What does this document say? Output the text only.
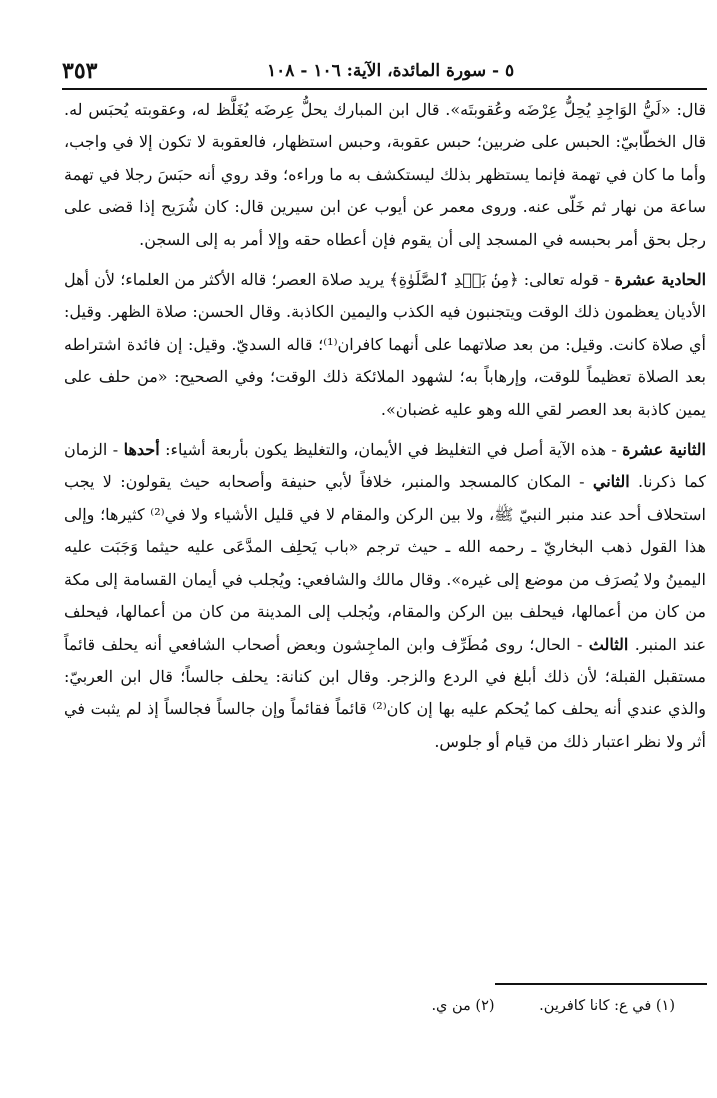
٣٥٣	٥ - سورة المائدة، الآية: ١٠٦ - ١٠٨

قال: «لَيُّ الوَاجِدِ يُحِلُّ عِرْضَه وعُقوبتَه». قال ابن المبارك يحلُّ عِرضَه يُغَلَّظ له، وعقوبته يُحبَس له. قال الخطّابيّ: الحبس على ضربين؛ حبس عقوبة، وحبس استظهار، فالعقوبة لا تكون إلا في واجب، وأما ما كان في تهمة فإنما يستظهر بذلك ليستكشف به ما وراءه؛ وقد روي أنه حبَسَ رجلا في تهمة ساعة من نهار ثم خَلّى عنه. وروى معمر عن أيوب عن ابن سيرين قال: كان شُرَيح إذا قضى على رجل بحق أمر بحبسه في المسجد إلى أن يقوم فإن أعطاه حقه وإلا أمر به إلى السجن.

الحادية عشرة - قوله تعالى: ﴿مِنۢ بَعۡدِ ٱلصَّلَوٰةِ﴾ يريد صلاة العصر؛ قاله الأكثر من العلماء؛ لأن أهل الأديان يعظمون ذلك الوقت ويتجنبون فيه الكذب واليمين الكاذبة. وقال الحسن: صلاة الظهر. وقيل: أي صلاة كانت. وقيل: من بعد صلاتهما على أنهما كافران⁽¹⁾؛ قاله السديّ. وقيل: إن فائدة اشتراطه بعد الصلاة تعظيماً للوقت، وإرهاباً به؛ لشهود الملائكة ذلك الوقت؛ وفي الصحيح: «من حلف على يمين كاذبة بعد العصر لقي الله وهو عليه غضبان».

الثانية عشرة - هذه الآية أصل في التغليظ في الأيمان، والتغليظ يكون بأربعة أشياء: أحدها - الزمان كما ذكرنا. الثاني - المكان كالمسجد والمنبر، خلافاً لأبي حنيفة وأصحابه حيث يقولون: لا يجب استحلاف أحد عند منبر النبيّ ﷺ، ولا بين الركن والمقام لا في قليل الأشياء ولا في⁽²⁾ كثيرها؛ وإلى هذا القول ذهب البخاريّ ـ رحمه الله ـ حيث ترجم «باب يَحلِف المدَّعَى عليه حيثما وَجَبَت عليه اليمينُ ولا يُصرَف من موضع إلى غيره». وقال مالك والشافعي: ويُجلب في أيمان القسامة إلى مكة من كان من أعمالها، فيحلف بين الركن والمقام، ويُجلب إلى المدينة من كان من أعمالها، فيحلف عند المنبر. الثالث - الحال؛ روى مُطَرِّف وابن الماجِشون وبعض أصحاب الشافعي أنه يحلف قائماً مستقبل القبلة؛ لأن ذلك أبلغ في الردع والزجر. وقال ابن كنانة: يحلف جالساً؛ قال ابن العربيّ: والذي عندي أنه يحلف كما يُحكم عليه بها إن كان⁽²⁾ قائماً فقائماً وإن جالساً فجالساً إذ لم يثبت في أثر ولا نظر اعتبار ذلك من قيام أو جلوس.

(١) في ع: كانا كافرين. (٢) من ي.
